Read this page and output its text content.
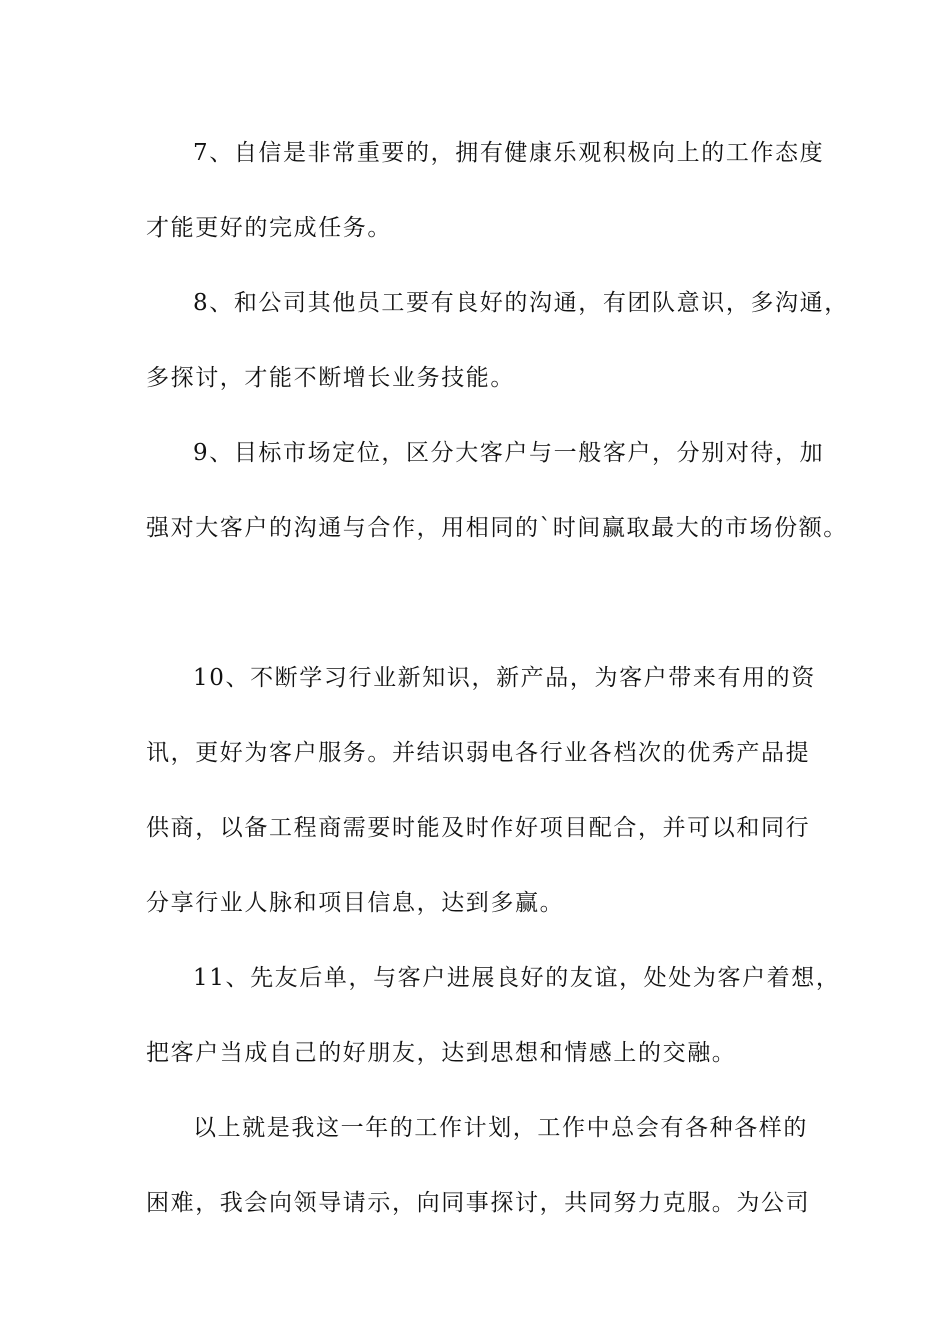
7、自信是非常重要的，拥有健康乐观积极向上的工作态度
才能更好的完成任务。
8、和公司其他员工要有良好的沟通，有团队意识，多沟通，
多探讨，才能不断增长业务技能。
9、目标市场定位，区分大客户与一般客户，分别对待，加
强对大客户的沟通与合作，用相同的`时间赢取最大的市场份额。
10、不断学习行业新知识，新产品，为客户带来有用的资
讯，更好为客户服务。并结识弱电各行业各档次的优秀产品提
供商，以备工程商需要时能及时作好项目配合，并可以和同行
分享行业人脉和项目信息，达到多赢。
11、先友后单，与客户进展良好的友谊，处处为客户着想，
把客户当成自己的好朋友，达到思想和情感上的交融。
以上就是我这一年的工作计划，工作中总会有各种各样的
困难，我会向领导请示，向同事探讨，共同努力克服。为公司
